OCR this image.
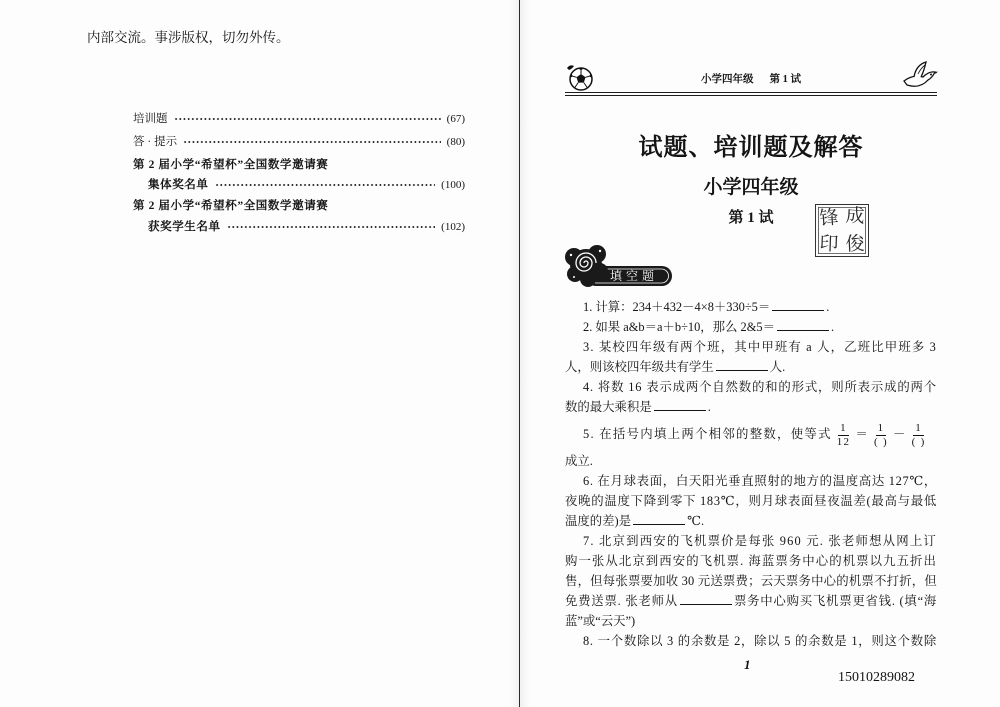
内部交流。事涉版权，切勿外传。
培训题	(67)
答 · 提示	(80)
第 2 届小学“希望杯”全国数学邀请赛
集体奖名单	(100)
第 2 届小学“希望杯”全国数学邀请赛
获奖学生名单	(102)
小学四年级 第 1 试
试题、培训题及解答
小学四年级
第 1 试	锋 成
印 俊
填空题
1. 计算：234＋432－4×8＋330÷5＝	.
2. 如果 a&b＝a＋b÷10，那么 2&5＝	.
3. 某校四年级有两个班，其中甲班有 a 人，乙班比甲班多 3
人，则该校四年级共有学生	人.
4. 将数 16 表示成两个自然数的和的形式，则所表示成的两个
数的最大乘积是	.
5. 在括号内填上两个相邻的整数，使等式 $\frac{1}{12} = \frac{1}{( )} - \frac{1}{( )}$
成立.
6. 在月球表面，白天阳光垂直照射的地方的温度高达 127℃，
夜晚的温度下降到零下 183℃，则月球表面昼夜温差(最高与最低
温度的差)是	℃.
7. 北京到西安的飞机票价是每张 960 元. 张老师想从网上订
购一张从北京到西安的飞机票. 海蓝票务中心的机票以九五折出
售，但每张票要加收 30 元送票费；云天票务中心的机票不打折，但
免费送票. 张老师从	票务中心购买飞机票更省钱. (填“海
蓝”或“云天”)
8. 一个数除以 3 的余数是 2，除以 5 的余数是 1，则这个数除
1
15010289082
